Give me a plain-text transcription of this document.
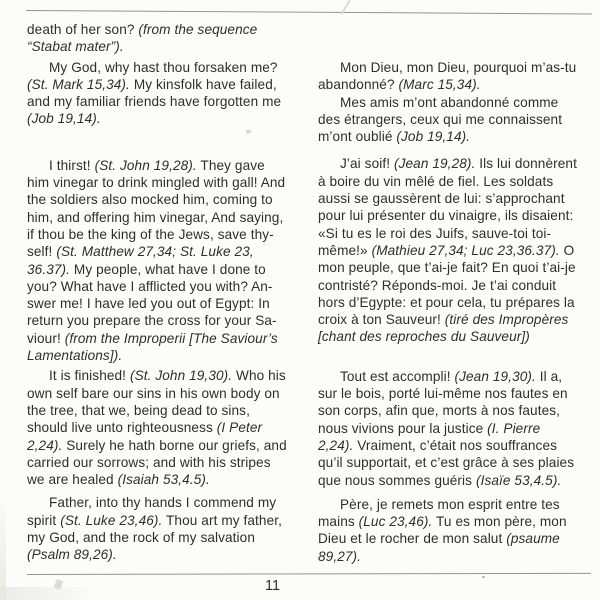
death of her son? (from the sequence
“Stabat mater”).
My God, why hast thou forsaken me?
(St. Mark 15,34). My kinsfolk have failed,
and my familiar friends have forgotten me
(Job 19,14).
I thirst! (St. John 19,28). They gave
him vinegar to drink mingled with gall! And
the soldiers also mocked him, coming to
him, and offering him vinegar, And saying,
if thou be the king of the Jews, save thy-
self! (St. Matthew 27,34; St. Luke 23,
36.37). My people, what have I done to
you? What have I afflicted you with? An-
swer me! I have led you out of Egypt: In
return you prepare the cross for your Sa-
viour! (from the Improperii [The Saviour’s
Lamentations]).
It is finished! (St. John 19,30). Who his
own self bare our sins in his own body on
the tree, that we, being dead to sins,
should live unto righteousness (I Peter
2,24). Surely he hath borne our griefs, and
carried our sorrows; and with his stripes
we are healed (Isaiah 53,4.5).
Father, into thy hands I commend my
spirit (St. Luke 23,46). Thou art my father,
my God, and the rock of my salvation
(Psalm 89,26).
Mon Dieu, mon Dieu, pourquoi m’as-tu
abandonné? (Marc 15,34).
Mes amis m’ont abandonné comme
des étrangers, ceux qui me connaissent
m’ont oublié (Job 19,14).
J’ai soif! (Jean 19,28). Ils lui donnèrent
à boire du vin mêlé de fiel. Les soldats
aussi se gaussèrent de lui: s’approchant
pour lui présenter du vinaigre, ils disaient:
«Si tu es le roi des Juifs, sauve-toi toi-
même!» (Mathieu 27,34; Luc 23,36.37). O
mon peuple, que t’ai-je fait? En quoi t’ai-je
contristé? Réponds-moi. Je t’ai conduit
hors d’Egypte: et pour cela, tu prépares la
croix à ton Sauveur! (tiré des Impropères
[chant des reproches du Sauveur])
Tout est accompli! (Jean 19,30). Il a,
sur le bois, porté lui-même nos fautes en
son corps, afin que, morts à nos fautes,
nous vivions pour la justice (I. Pierre
2,24). Vraiment, c’était nos souffrances
qu’il supportait, et c’est grâce à ses plaies
que nous sommes guéris (Isaïe 53,4.5).
Père, je remets mon esprit entre tes
mains (Luc 23,46). Tu es mon père, mon
Dieu et le rocher de mon salut (psaume
89,27).
11
